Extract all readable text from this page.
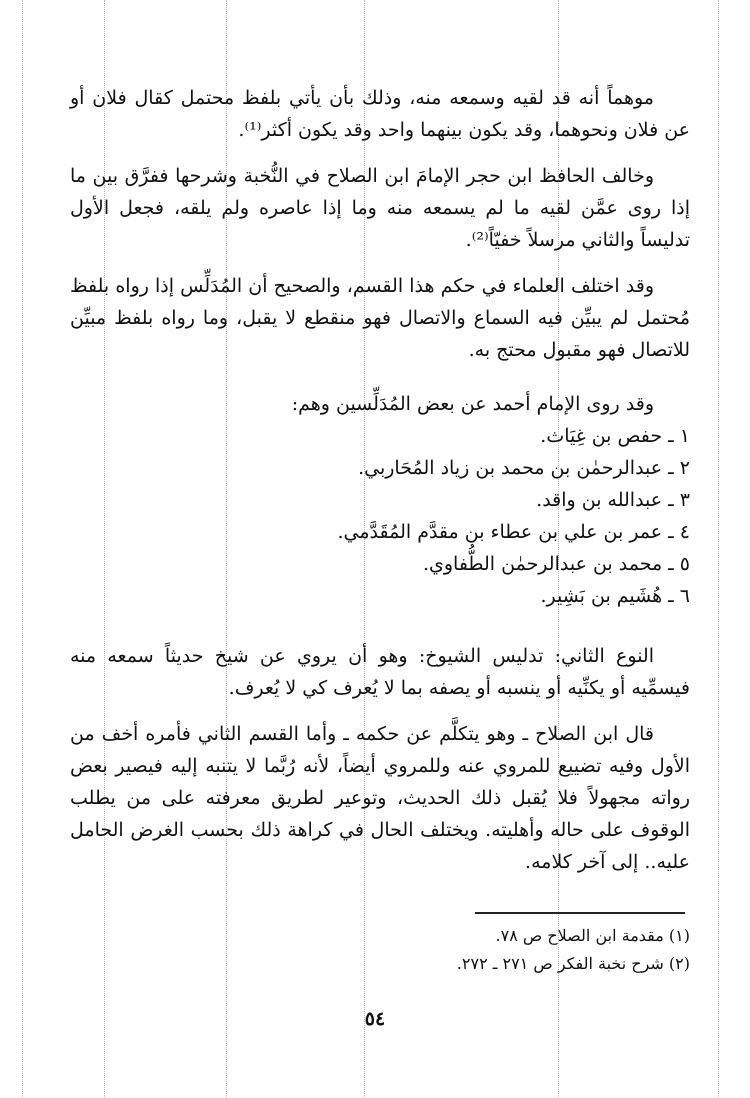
موهماً أنه قد لقيه وسمعه منه، وذلك بأن يأتي بلفظ محتمل كقال فلان أو عن فلان ونحوهما، وقد يكون بينهما واحد وقد يكون أكثر⁽¹⁾.

وخالف الحافظ ابن حجر الإمامَ ابن الصلاح في النُّخبة وشرحها ففرَّق بين ما إذا روى عمَّن لقيه ما لم يسمعه منه وما إذا عاصره ولم يلقه، فجعل الأول تدليساً والثاني مرسلاً خفيّاً⁽²⁾.

وقد اختلف العلماء في حكم هذا القسم، والصحيح أن المُدَلِّس إذا رواه بلفظ مُحتمل لم يبيِّن فيه السماع والاتصال فهو منقطع لا يقبل، وما رواه بلفظ مبيِّن للاتصال فهو مقبول محتج به.

وقد روى الإمام أحمد عن بعض المُدَلِّسين وهم:

١ ـ حفص بن غِيَاث.

٢ ـ عبدالرحمٰن بن محمد بن زياد المُحَاربي.

٣ ـ عبدالله بن واقد.

٤ ـ عمر بن علي بن عطاء بن مقدَّم المُقَدَّمي.

٥ ـ محمد بن عبدالرحمٰن الطُّفاوي.

٦ ـ هُشَيم بن بَشِير.

النوع الثاني: تدليس الشيوخ: وهو أن يروي عن شيخ حديثاً سمعه منه فيسمِّيه أو يكنِّيه أو ينسبه أو يصفه بما لا يُعرف كي لا يُعرف.

قال ابن الصلاح ـ وهو يتكلَّم عن حكمه ـ وأما القسم الثاني فأمره أخف من الأول وفيه تضييع للمروي عنه وللمروي أيضاً، لأنه رُبَّما لا يتنبه إليه فيصير بعض رواته مجهولاً فلا يُقبل ذلك الحديث، وتوعير لطريق معرفته على من يطلب الوقوف على حاله وأهليته. ويختلف الحال في كراهة ذلك بحسب الغرض الحامل عليه.. إلى آخر كلامه.

(١) مقدمة ابن الصلاح ص ٧٨.

(٢) شرح نخبة الفكر ص ٢٧١ ـ ٢٧٢.

٥٤
